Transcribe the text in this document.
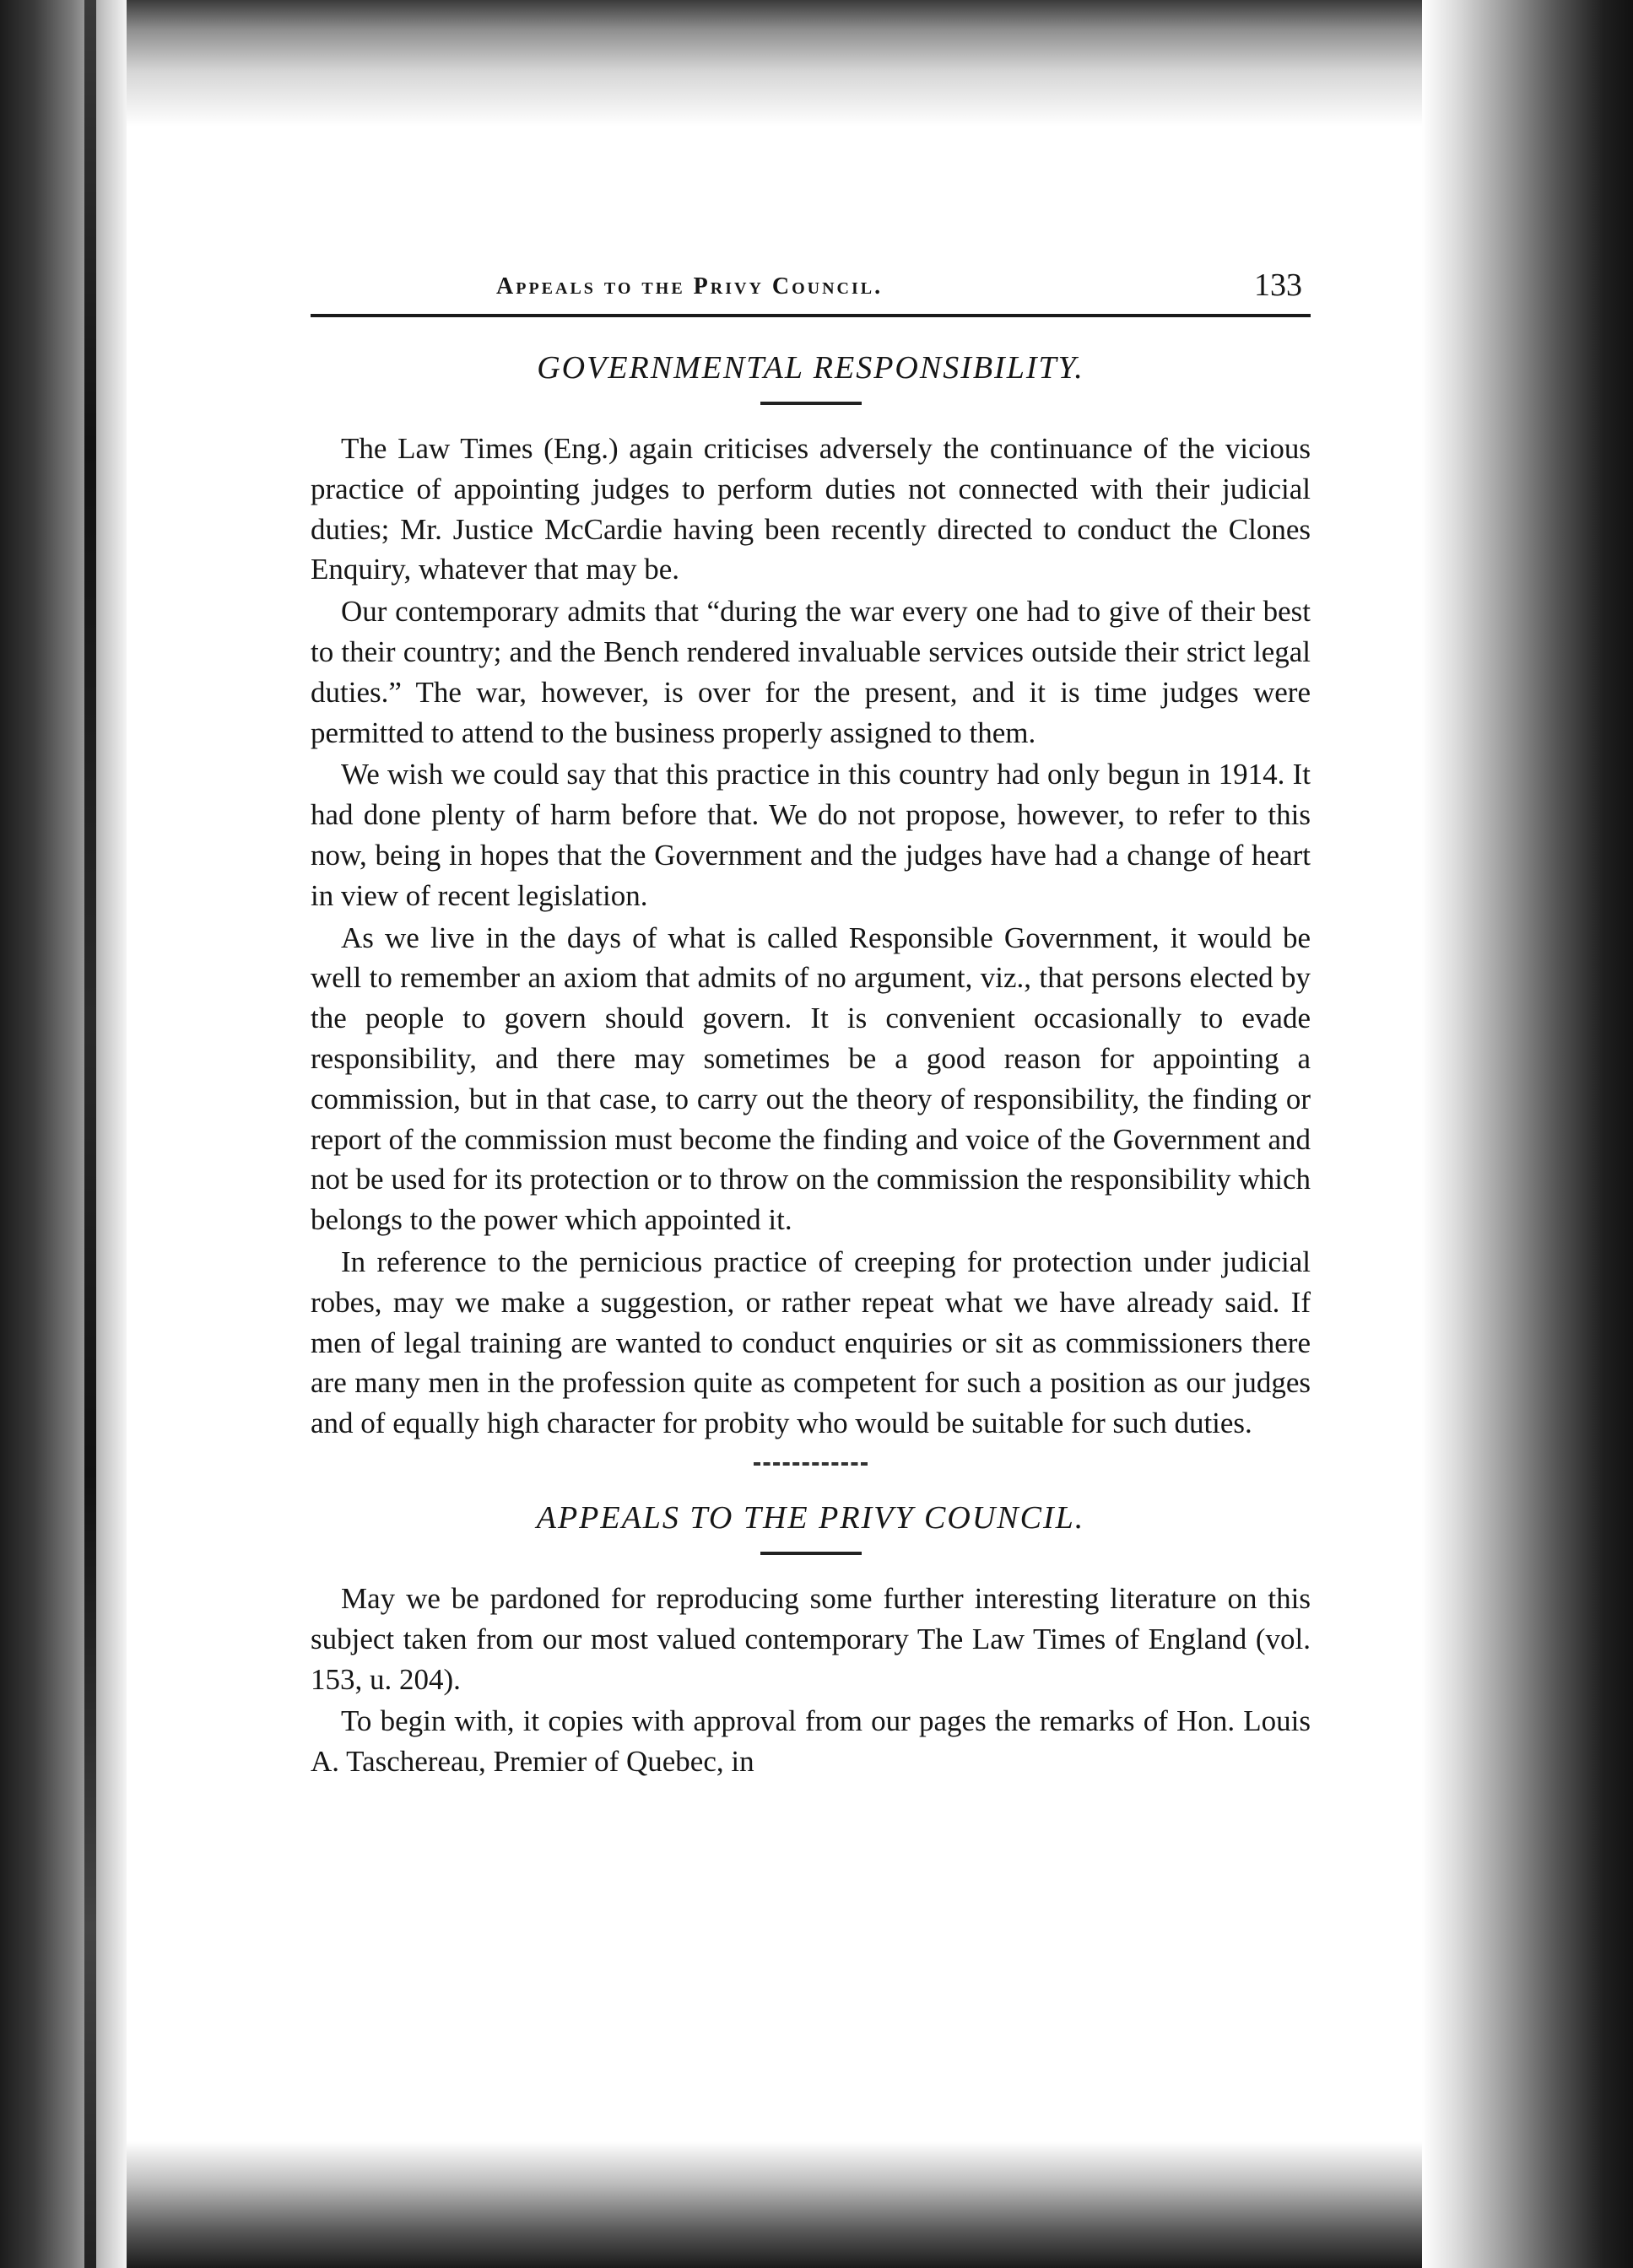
Appeals to the Privy Council.	133
GOVERNMENTAL RESPONSIBILITY.

The Law Times (Eng.) again criticises adversely the continuance of the vicious practice of appointing judges to perform duties not connected with their judicial duties; Mr. Justice McCardie having been recently directed to conduct the Clones Enquiry, whatever that may be.

Our contemporary admits that “during the war every one had to give of their best to their country; and the Bench rendered invaluable services outside their strict legal duties.” The war, however, is over for the present, and it is time judges were permitted to attend to the business properly assigned to them.

We wish we could say that this practice in this country had only begun in 1914. It had done plenty of harm before that. We do not propose, however, to refer to this now, being in hopes that the Government and the judges have had a change of heart in view of recent legislation.

As we live in the days of what is called Responsible Government, it would be well to remember an axiom that admits of no argument, viz., that persons elected by the people to govern should govern. It is convenient occasionally to evade responsibility, and there may sometimes be a good reason for appointing a commission, but in that case, to carry out the theory of responsibility, the finding or report of the commission must become the finding and voice of the Government and not be used for its protection or to throw on the commission the responsibility which belongs to the power which appointed it.

In reference to the pernicious practice of creeping for protection under judicial robes, may we make a suggestion, or rather repeat what we have already said. If men of legal training are wanted to conduct enquiries or sit as commissioners there are many men in the profession quite as competent for such a position as our judges and of equally high character for probity who would be suitable for such duties.

APPEALS TO THE PRIVY COUNCIL.

May we be pardoned for reproducing some further interesting literature on this subject taken from our most valued contemporary The Law Times of England (vol. 153, u. 204).

To begin with, it copies with approval from our pages the remarks of Hon. Louis A. Taschereau, Premier of Quebec, in
